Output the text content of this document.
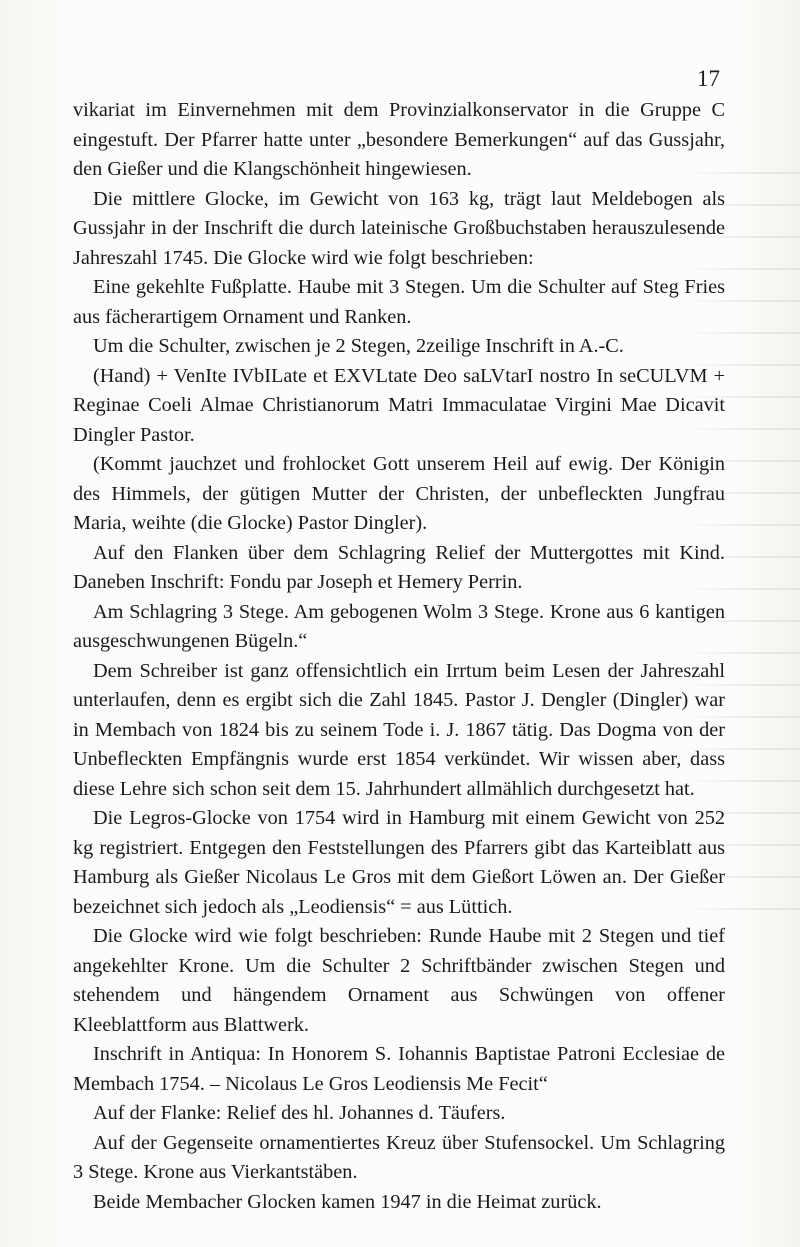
17

vikariat im Einvernehmen mit dem Provinzialkonservator in die Gruppe C eingestuft. Der Pfarrer hatte unter „besondere Bemerkungen“ auf das Gussjahr, den Gießer und die Klangschönheit hingewiesen.

Die mittlere Glocke, im Gewicht von 163 kg, trägt laut Meldebogen als Gussjahr in der Inschrift die durch lateinische Großbuchstaben herauszulesende Jahreszahl 1745. Die Glocke wird wie folgt beschrieben:

Eine gekehlte Fußplatte. Haube mit 3 Stegen. Um die Schulter auf Steg Fries aus fächerartigem Ornament und Ranken.

Um die Schulter, zwischen je 2 Stegen, 2zeilige Inschrift in A.-C.

(Hand) + VenIte IVbILate et EXVLtate Deo saLVtarI nostro In seCULVM + Reginae Coeli Almae Christianorum Matri Immaculatae Virgini Mae Dicavit Dingler Pastor.

(Kommt jauchzet und frohlocket Gott unserem Heil auf ewig. Der Königin des Himmels, der gütigen Mutter der Christen, der unbefleckten Jungfrau Maria, weihte (die Glocke) Pastor Dingler).

Auf den Flanken über dem Schlagring Relief der Muttergottes mit Kind. Daneben Inschrift: Fondu par Joseph et Hemery Perrin.

Am Schlagring 3 Stege. Am gebogenen Wolm 3 Stege. Krone aus 6 kantigen ausgeschwungenen Bügeln.“

Dem Schreiber ist ganz offensichtlich ein Irrtum beim Lesen der Jahreszahl unterlaufen, denn es ergibt sich die Zahl 1845. Pastor J. Dengler (Dingler) war in Membach von 1824 bis zu seinem Tode i. J. 1867 tätig. Das Dogma von der Unbefleckten Empfängnis wurde erst 1854 verkündet. Wir wissen aber, dass diese Lehre sich schon seit dem 15. Jahrhundert allmählich durchgesetzt hat.

Die Legros-Glocke von 1754 wird in Hamburg mit einem Gewicht von 252 kg registriert. Entgegen den Feststellungen des Pfarrers gibt das Karteiblatt aus Hamburg als Gießer Nicolaus Le Gros mit dem Gießort Löwen an. Der Gießer bezeichnet sich jedoch als „Leodiensis“ = aus Lüttich.

Die Glocke wird wie folgt beschrieben: Runde Haube mit 2 Stegen und tief angekehlter Krone. Um die Schulter 2 Schriftbänder zwischen Stegen und stehendem und hängendem Ornament aus Schwüngen von offener Kleeblattform aus Blattwerk.

Inschrift in Antiqua: In Honorem S. Iohannis Baptistae Patroni Ecclesiae de Membach 1754. – Nicolaus Le Gros Leodiensis Me Fecit“

Auf der Flanke: Relief des hl. Johannes d. Täufers.

Auf der Gegenseite ornamentiertes Kreuz über Stufensockel. Um Schlagring 3 Stege. Krone aus Vierkantstäben.

Beide Membacher Glocken kamen 1947 in die Heimat zurück.
